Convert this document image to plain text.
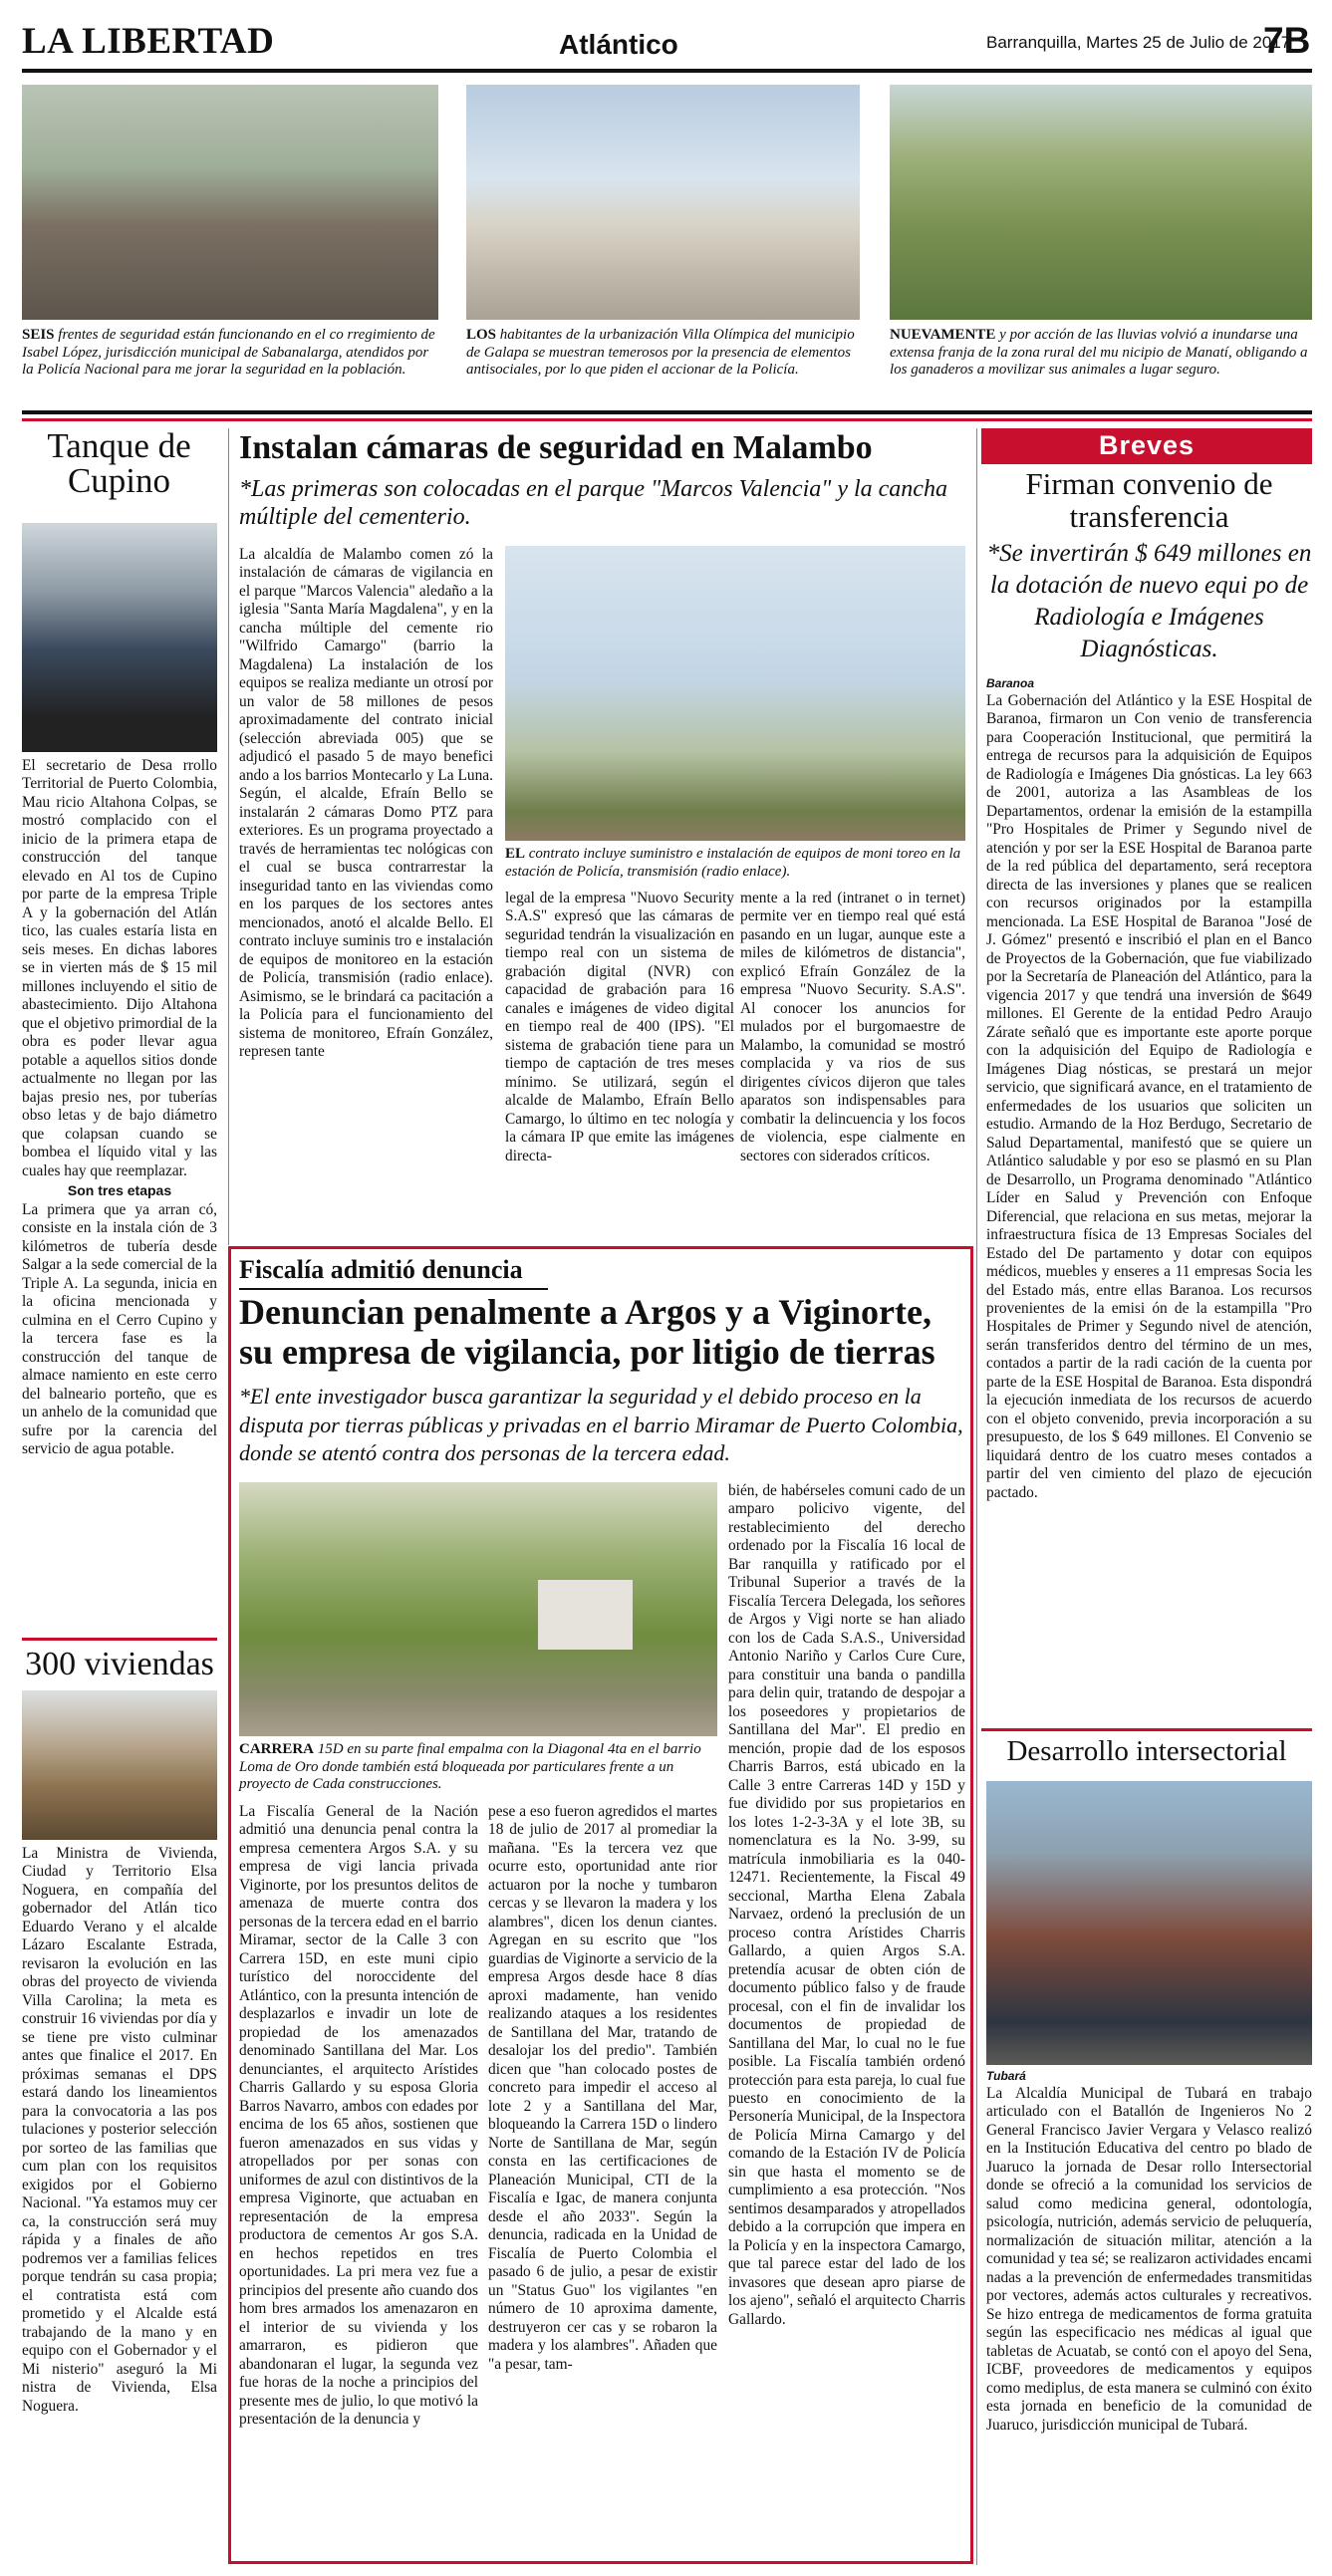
LA LIBERTAD	Atlántico	Barranquilla, Martes 25 de Julio de 2017
7B
SEIS frentes de seguridad están funcionando en el co rregimiento de Isabel López, jurisdicción municipal de Sabanalarga, atendidos por la Policía Nacional para me jorar la seguridad en la población.
LOS habitantes de la urbanización Villa Olímpica del municipio de Galapa se muestran temerosos por la presencia de elementos antisociales, por lo que piden el accionar de la Policía.
NUEVAMENTE y por acción de las lluvias volvió a inundarse una extensa franja de la zona rural del mu nicipio de Manatí, obligando a los ganaderos a movilizar sus animales a lugar seguro.
Tanque de Cupino
El secretario de Desa rrollo Territorial de Puerto Colombia, Mau ricio Altahona Colpas, se mostró complacido con el inicio de la primera etapa de construcción del tanque elevado en Al tos de Cupino por parte de la empresa Triple A y la gobernación del Atlán tico, las cuales estaría lista en seis meses. En dichas labores se in vierten más de $ 15 mil millones incluyendo el sitio de abastecimiento. Dijo Altahona que el objetivo primordial de la obra es poder llevar agua potable a aquellos sitios donde actualmente no llegan por las bajas presio nes, por tuberías obso letas y de bajo diámetro que colapsan cuando se bombea el líquido vital y las cuales hay que reemplazar.
Son tres etapas
La primera que ya arran có, consiste en la instala ción de 3 kilómetros de tubería desde Salgar a la sede comercial de la Triple A. La segunda, inicia en la oficina mencionada y culmina en el Cerro Cupino y la tercera fase es la construcción del tanque de almace namiento en este cerro del balneario porteño, que es un anhelo de la comunidad que sufre por la carencia del servicio de agua potable.
300 viviendas
La Ministra de Vivienda, Ciudad y Territorio Elsa Noguera, en compañía del gobernador del Atlán tico Eduardo Verano y el alcalde Lázaro Escalante Estrada, revisaron la evolución en las obras del proyecto de vivienda Villa Carolina; la meta es construir 16 viviendas por día y se tiene pre visto culminar antes que finalice el 2017. En próximas semanas el DPS estará dando los lineamientos para la convocatoria a las pos tulaciones y posterior selección por sorteo de las familias que cum plan con los requisitos exigidos por el Gobierno Nacional. "Ya estamos muy cer ca, la construcción será muy rápida y a finales de año podremos ver a familias felices porque tendrán su casa propia; el contratista está com prometido y el Alcalde está trabajando de la mano y en equipo con el Gobernador y el Mi nisterio" aseguró la Mi nistra de Vivienda, Elsa Noguera.
Instalan cámaras de seguridad en Malambo
*Las primeras son colocadas en el parque "Marcos Valencia" y la cancha múltiple del cementerio.
La alcaldía de Malambo comen zó la instalación de cámaras de vigilancia en el parque "Marcos Valencia" aledaño a la iglesia "Santa María Magdalena", y en la cancha múltiple del cemente rio "Wilfrido Camargo" (barrio la Magdalena) La instalación de los equipos se realiza mediante un otrosí por un valor de 58 millones de pesos aproximadamente del contrato inicial (selección abreviada 005) que se adjudicó el pasado 5 de mayo benefici ando a los barrios Montecarlo y La Luna. Según, el alcalde, Efraín Bello se instalarán 2 cámaras Domo PTZ para exteriores. Es un programa proyectado a través de herramientas tec nológicas con el cual se busca contrarrestar la inseguridad tanto en las viviendas como en los parques de los sectores antes mencionados, anotó el alcalde Bello. El contrato incluye suminis tro e instalación de equipos de monitoreo en la estación de Policía, transmisión (radio enlace). Asimismo, se le brindará ca pacitación a la Policía para el funcionamiento del sistema de monitoreo, Efraín González, represen tante
EL contrato incluye suministro e instalación de equipos de moni toreo en la estación de Policía, transmisión (radio enlace).
legal de la empresa "Nuovo Security S.A.S" expresó que las cámaras de seguridad tendrán la visualización en tiempo real con un sistema de grabación digital (NVR) con capacidad de grabación para 16 canales e imágenes de video digital en tiempo real de 400 (IPS). "El sistema de grabación tiene para un tiempo de captación de tres meses mínimo. Se utilizará, según el alcalde de Malambo, Efraín Bello Camargo, lo último en tec nología y la cámara IP que emite las imágenes directa-
mente a la red (intranet o in ternet) permite ver en tiempo real qué está pasando en un lugar, aunque este a miles de kilómetros de distancia", explicó Efraín González de la empresa "Nuovo Security. S.A.S". Al conocer los anuncios for mulados por el burgomaestre de Malambo, la comunidad se mostró complacida y va rios de sus dirigentes cívicos dijeron que tales aparatos son indispensables para combatir la delincuencia y los focos de violencia, espe cialmente en sectores con siderados críticos.
Fiscalía admitió denuncia
Denuncian penalmente a Argos y a Viginorte, su empresa de vigilancia, por litigio de tierras
*El ente investigador busca garantizar la seguridad y el debido proceso en la disputa por tierras públicas y privadas en el barrio Miramar de Puerto Colombia, donde se atentó contra dos personas de la tercera edad.
CARRERA 15D en su parte final empalma con la Diagonal 4ta en el barrio Loma de Oro donde también está bloqueada por particulares frente a un proyecto de Cada construcciones.
La Fiscalía General de la Nación admitió una denuncia penal contra la empresa cementera Argos S.A. y su empresa de vigi lancia privada Viginorte, por los presuntos delitos de amenaza de muerte contra dos personas de la tercera edad en el barrio Miramar, sector de la Calle 3 con Carrera 15D, en este muni cipio turístico del noroccidente del Atlántico, con la presunta intención de desplazarlos e invadir un lote de propiedad de los amenazados denominado Santillana del Mar. Los denunciantes, el arquitecto Arístides Charris Gallardo y su esposa Gloria Barros Navarro, ambos con edades por encima de los 65 años, sostienen que fueron amenazados en sus vidas y atropellados por per sonas con uniformes de azul con distintivos de la empresa Viginorte, que actuaban en representación de la empresa productora de cementos Ar gos S.A. en hechos repetidos en tres oportunidades. La pri mera vez fue a principios del presente año cuando dos hom bres armados los amenazaron en el interior de su vivienda y los amarraron, es pidieron que abandonaran el lugar, la segunda vez fue horas de la noche a principios del presente mes de julio, lo que motivó la presentación de la denuncia y
pese a eso fueron agredidos el martes 18 de julio de 2017 al promediar la mañana. "Es la tercera vez que ocurre esto, oportunidad ante rior actuaron por la noche y tumbaron cercas y se llevaron la madera y los alambres", dicen los denun ciantes. Agregan en su escrito que "los guardias de Viginorte a servicio de la empresa Argos desde hace 8 días aproxi madamente, han venido realizando ataques a los residentes de Santillana del Mar, tratando de desalojar los del predio". También dicen que "han colocado postes de concreto para impedir el acceso al lote 2 y a Santillana del Mar, bloqueando la Carrera 15D o lindero Norte de Santillana de Mar, según consta en las certificaciones de Planeación Municipal, CTI de la Fiscalía e Igac, de manera conjunta desde el año 2033". Según la denuncia, radicada en la Unidad de Fiscalía de Puerto Colombia el pasado 6 de julio, a pesar de existir un "Status Guo" los vigilantes "en número de 10 aproxima damente, destruyeron cer cas y se robaron la madera y los alambres". Añaden que "a pesar, tam-
bién, de habérseles comuni cado de un amparo policivo vigente, del restablecimiento del derecho ordenado por la Fiscalía 16 local de Bar ranquilla y ratificado por el Tribunal Superior a través de la Fiscalía Tercera Delegada, los señores de Argos y Vigi norte se han aliado con los de Cada S.A.S., Universidad Antonio Nariño y Carlos Cure Cure, para constituir una banda o pandilla para delin quir, tratando de despojar a los poseedores y propietarios de Santillana del Mar". El predio en mención, propie dad de los esposos Charris Barros, está ubicado en la Calle 3 entre Carreras 14D y 15D y fue dividido por sus propietarios en los lotes 1-2-3-3A y el lote 3B, su nomenclatura es la No. 3-99, su matrícula inmobiliaria es la 040-12471. Recientemente, la Fiscal 49 seccional, Martha Elena Zabala Narvaez, ordenó la preclusión de un proceso contra Arístides Charris Gallardo, a quien Argos S.A. pretendía acusar de obten ción de documento público falso y de fraude procesal, con el fin de invalidar los documentos de propiedad de Santillana del Mar, lo cual no le fue posible. La Fiscalía también ordenó protección para esta pareja, lo cual fue puesto en conocimiento de la Personería Municipal, de la Inspectora de Policía Mirna Camargo y del comando de la Estación IV de Policía sin que hasta el momento se de cumplimiento a esa protección. "Nos sentimos desamparados y atropellados debido a la corrupción que impera en la Policía y en la inspectora Camargo, que tal parece estar del lado de los invasores que desean apro piarse de los ajeno", señaló el arquitecto Charris Gallardo.
Breves
Firman convenio de transferencia
*Se invertirán $ 649 millones en la dotación de nuevo equi po de Radiología e Imágenes Diagnósticas.
Baranoa
La Gobernación del Atlántico y la ESE Hospital de Baranoa, firmaron un Con venio de transferencia para Cooperación Institucional, que permitirá la entrega de recursos para la adquisición de Equipos de Radiología e Imágenes Dia gnósticas. La ley 663 de 2001, autoriza a las Asambleas de los Departamentos, ordenar la emisión de la estampilla "Pro Hospitales de Primer y Segundo nivel de atención y por ser la ESE Hospital de Baranoa parte de la red pública del departamento, será receptora directa de las inversiones y planes que se realicen con recursos originados por la estampilla mencionada. La ESE Hospital de Baranoa "José de J. Gómez" presentó e inscribió el plan en el Banco de Proyectos de la Gobernación, que fue viabilizado por la Secretaría de Planeación del Atlántico, para la vigencia 2017 y que tendrá una inversión de $649 millones. El Gerente de la entidad Pedro Araujo Zárate señaló que es importante este aporte porque con la adquisición del Equipo de Radiología e Imágenes Diag nósticas, se prestará un mejor servicio, que significará avance, en el tratamiento de enfermedades de los usuarios que soliciten un estudio. Armando de la Hoz Berdugo, Secretario de Salud Departamental, manifestó que se quiere un Atlántico saludable y por eso se plasmó en su Plan de Desarrollo, un Programa denominado "Atlántico Líder en Salud y Prevención con Enfoque Diferencial, que relaciona en sus metas, mejorar la infraestructura física de 13 Empresas Sociales del Estado del De partamento y dotar con equipos médicos, muebles y enseres a 11 empresas Socia les del Estado más, entre ellas Baranoa. Los recursos provenientes de la emisi ón de la estampilla "Pro Hospitales de Primer y Segundo nivel de atención, serán transferidos dentro del término de un mes, contados a partir de la radi cación de la cuenta por parte de la ESE Hospital de Baranoa. Esta dispondrá la ejecución inmediata de los recursos de acuerdo con el objeto convenido, previa incorporación a su presupuesto, de los $ 649 millones. El Convenio se liquidará dentro de los cuatro meses contados a partir del ven cimiento del plazo de ejecución pactado.
Desarrollo intersectorial
Tubará
La Alcaldía Municipal de Tubará en trabajo articulado con el Batallón de Ingenieros No 2 General Francisco Javier Vergara y Velasco realizó en la Institución Educativa del centro po blado de Juaruco la jornada de Desar rollo Intersectorial donde se ofreció a la comunidad los servicios de salud como medicina general, odontología, psicología, nutrición, además servicio de peluquería, normalización de situación militar, atención a la comunidad y tea sé; se realizaron actividades encami nadas a la prevención de enfermedades transmitidas por vectores, además actos culturales y recreativos. Se hizo entrega de medicamentos de forma gratuita según las especificacio nes médicas al igual que tabletas de Acuatab, se contó con el apoyo del Sena, ICBF, proveedores de medicamentos y equipos como mediplus, de esta manera se culminó con éxito esta jornada en beneficio de la comunidad de Juaruco, jurisdicción municipal de Tubará.
